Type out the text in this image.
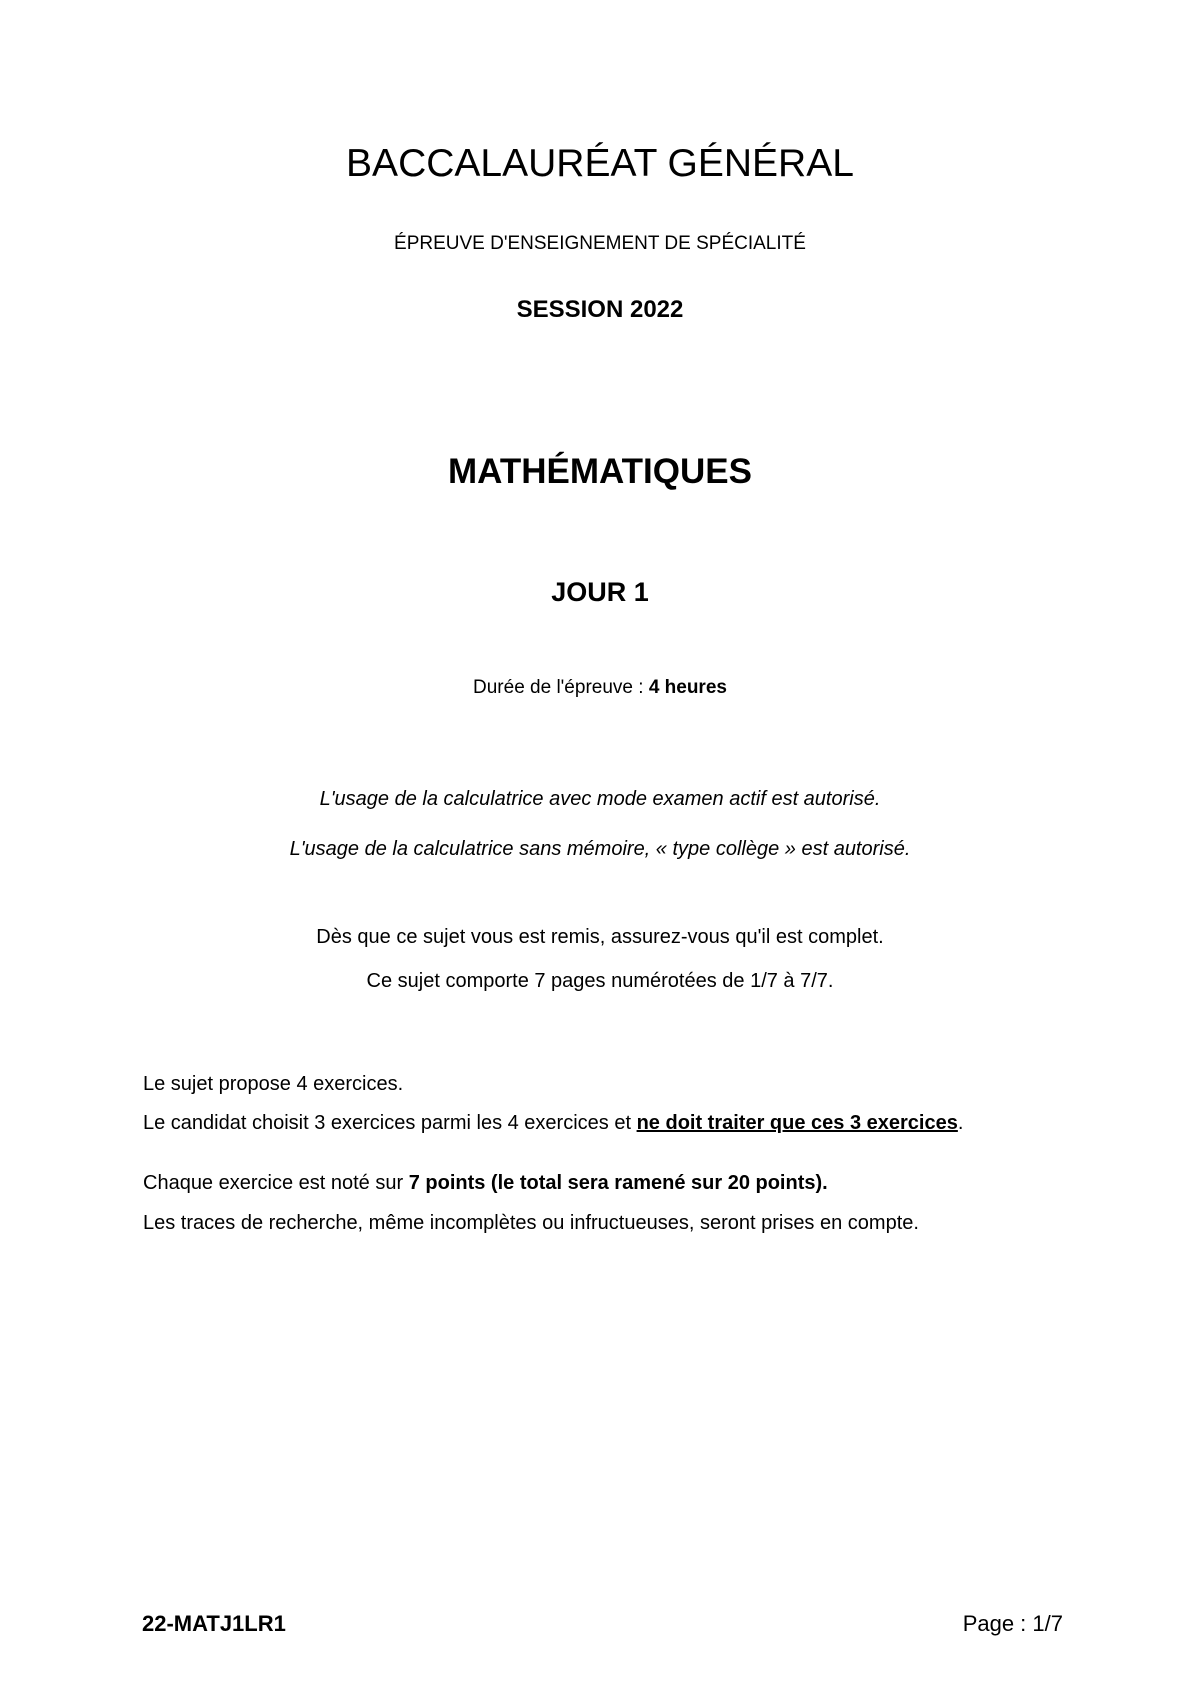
BACCALAURÉAT GÉNÉRAL
ÉPREUVE D'ENSEIGNEMENT DE SPÉCIALITÉ
SESSION 2022
MATHÉMATIQUES
JOUR 1
Durée de l'épreuve : 4 heures
L'usage de la calculatrice avec mode examen actif est autorisé.
L'usage de la calculatrice sans mémoire, « type collège » est autorisé.
Dès que ce sujet vous est remis, assurez-vous qu'il est complet.
Ce sujet comporte 7 pages numérotées de 1/7 à 7/7.
Le sujet propose 4 exercices.
Le candidat choisit 3 exercices parmi les 4 exercices et ne doit traiter que ces 3 exercices.
Chaque exercice est noté sur 7 points (le total sera ramené sur 20 points).
Les traces de recherche, même incomplètes ou infructueuses, seront prises en compte.
22-MATJ1LR1	Page : 1/7
